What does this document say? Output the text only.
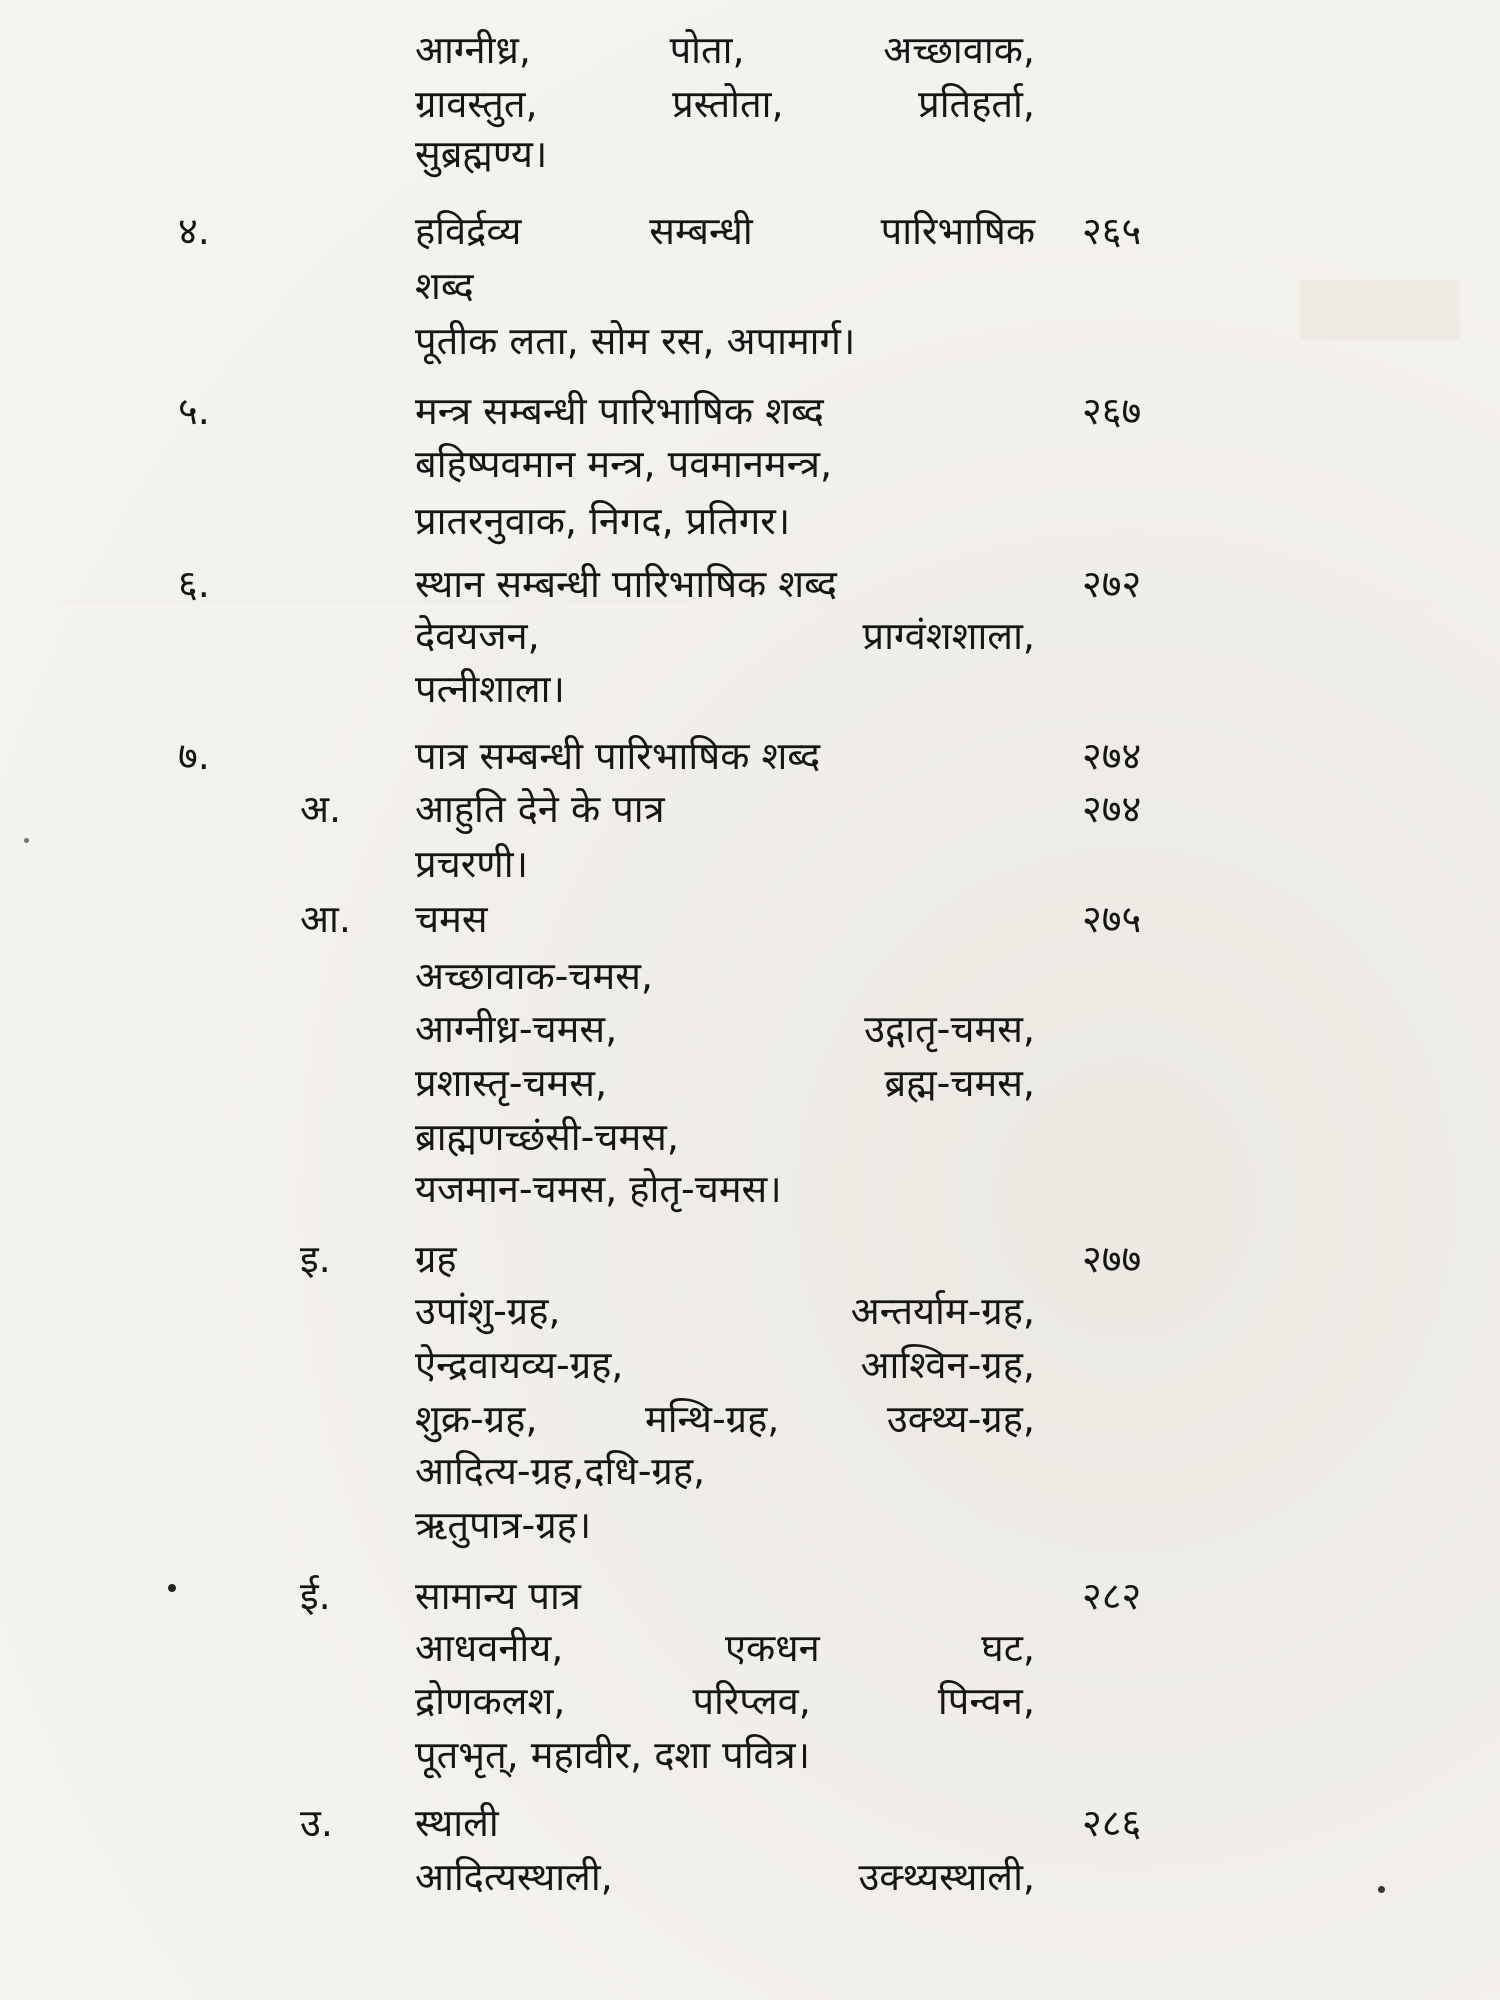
आग्नीध्र,	पोता,	अच्छावाक,
ग्रावस्तुत,	प्रस्तोता,	प्रतिहर्ता,
सुब्रह्मण्य।
४.	हविर्द्रव्य	सम्बन्धी	पारिभाषिक २६५
शब्द
पूतीक लता, सोम रस, अपामार्ग।
५.	मन्त्र सम्बन्धी पारिभाषिक शब्द	२६७
बहिष्पवमान मन्त्र, पवमानमन्त्र,
प्रातरनुवाक, निगद, प्रतिगर।
६.	स्थान सम्बन्धी पारिभाषिक शब्द	२७२
देवयजन,	प्राग्वंशशाला,
पत्नीशाला।
७.	पात्र सम्बन्धी पारिभाषिक शब्द	२७४
अ. आहुति देने के पात्र	२७४
प्रचरणी।
आ. चमस	२७५
अच्छावाक-चमस,
आग्नीध्र-चमस,	उद्गातृ-चमस,
प्रशास्तृ-चमस,	ब्रह्म-चमस,
ब्राह्मणच्छंसी-चमस,
यजमान-चमस, होतृ-चमस।
इ. ग्रह	२७७
उपांशु-ग्रह,	अन्तर्याम-ग्रह,
ऐन्द्रवायव्य-ग्रह,	आश्विन-ग्रह,
शुक्र-ग्रह,	मन्थि-ग्रह,	उक्थ्य-ग्रह,
आदित्य-ग्रह,दधि-ग्रह,
ऋतुपात्र-ग्रह।
ई. सामान्य पात्र	२८२
आधवनीय,	एकधन	घट,
द्रोणकलश,	परिप्लव,	पिन्वन,
पूतभृत्, महावीर, दशा पवित्र।
उ. स्थाली	२८६
आदित्यस्थाली,	उक्थ्यस्थाली,
